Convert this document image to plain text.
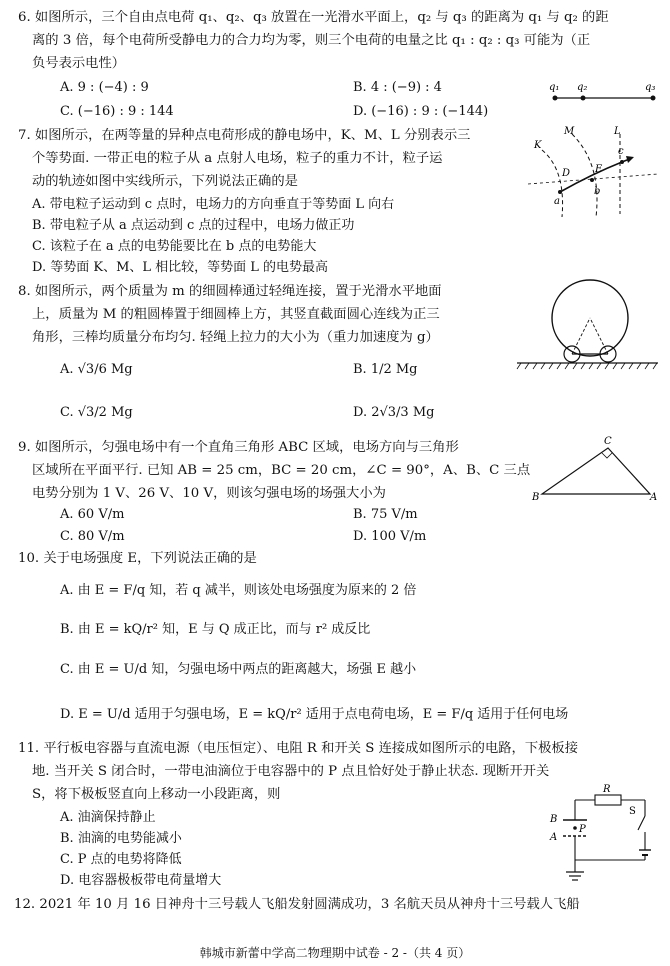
6. 如图所示，三个自由点电荷 q₁、q₂、q₃ 放置在一光滑水平面上，q₂ 与 q₃ 的距离为 q₁ 与 q₂ 的距
离的 3 倍，每个电荷所受静电力的合力均为零，则三个电荷的电量之比 q₁ : q₂ : q₃ 可能为（正
负号表示电性）
A. 9 : (−4) : 9	B. 4 : (−9) : 4
C. (−16) : 9 : 144	D. (−16) : 9 : (−144)
q₁ q₂	q₃
7. 如图所示，在两等量的异种点电荷形成的静电场中，K、M、L 分别表示三
个等势面. 一带正电的粒子从 a 点射人电场，粒子的重力不计，粒子运
动的轨迹如图中实线所示，下列说法正确的是
A. 带电粒子运动到 c 点时，电场力的方向垂直于等势面 L 向右
B. 带电粒子从 a 点运动到 c 点的过程中，电场力做正功
C. 该粒子在 a 点的电势能要比在 b 点的电势能大
D. 等势面 K、M、L 相比较，等势面 L 的电势最高
K
M	L
D E
c
a
b
8. 如图所示，两个质量为 m 的细圆棒通过轻绳连接，置于光滑水平地面
上，质量为 M 的粗圆棒置于细圆棒上方，其竖直截面圆心连线为正三
角形，三棒均质量分布均匀. 轻绳上拉力的大小为（重力加速度为 g）
A. √3/6 Mg	B. 1/2 Mg
C. √3/2 Mg	D. 2√3/3 Mg
9. 如图所示，匀强电场中有一个直角三角形 ABC 区域，电场方向与三角形
区域所在平面平行. 已知 AB = 25 cm，BC = 20 cm，∠C = 90°，A、B、C 三点
电势分别为 1 V、26 V、10 V，则该匀强电场的场强大小为
A. 60 V/m	B. 75 V/m
C. 80 V/m	D. 100 V/m
C
B	A
10. 关于电场强度 E，下列说法正确的是
A. 由 E = F/q 知，若 q 减半，则该处电场强度为原来的 2 倍
B. 由 E = kQ/r² 知，E 与 Q 成正比，而与 r² 成反比
C. 由 E = U/d 知，匀强电场中两点的距离越大，场强 E 越小
D. E = U/d 适用于匀强电场，E = kQ/r² 适用于点电荷电场，E = F/q 适用于任何电场
11. 平行板电容器与直流电源（电压恒定）、电阻 R 和开关 S 连接成如图所示的电路，下极板接
地. 当开关 S 闭合时，一带电油滴位于电容器中的 P 点且恰好处于静止状态. 现断开开关
S，将下极板竖直向上移动一小段距离，则
A. 油滴保持静止
B. 油滴的电势能减小
C. P 点的电势将降低
D. 电容器极板带电荷量增大
R
S
B
P
A
12. 2021 年 10 月 16 日神舟十三号载人飞船发射圆满成功，3 名航天员从神舟十三号载人飞船
韩城市新蕾中学高二物理期中试卷 - 2 -（共 4 页）
